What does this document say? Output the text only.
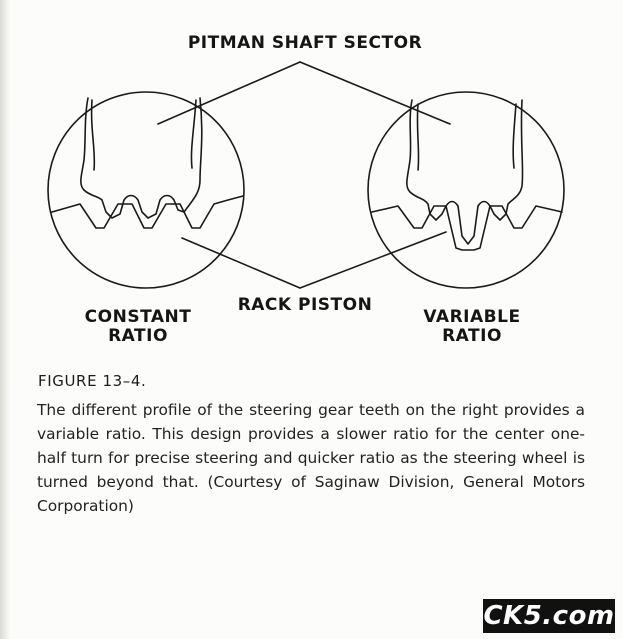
PITMAN SHAFT SECTOR
RACK PISTON
CONSTANT
RATIO
VARIABLE
RATIO
FIGURE 13–4.
The different profile of the steering gear teeth on the right provides a variable ratio. This design provides a slower ratio for the center one-half turn for precise steering and quicker ratio as the steering wheel is turned beyond that. (Courtesy of Saginaw Division, General Motors Corporation)
CK5.com
